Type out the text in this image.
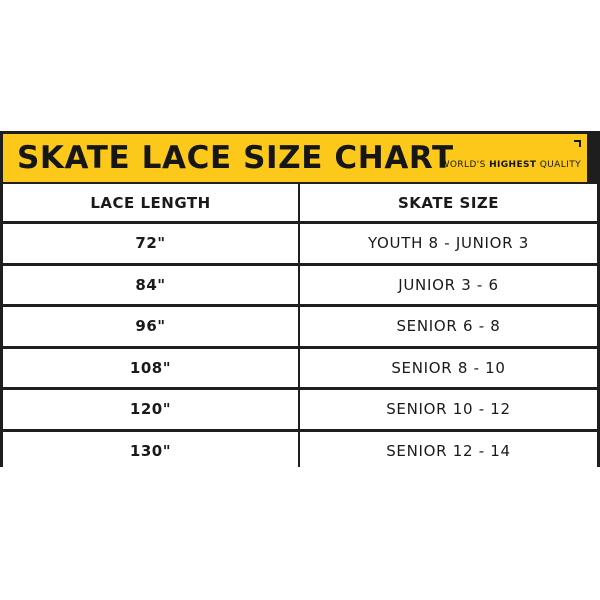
SKATE LACE SIZE CHART
WORLD'S HIGHEST QUALITY
LACE LENGTH	SKATE SIZE
72"	YOUTH 8 - JUNIOR 3
84"	JUNIOR 3 - 6
96"	SENIOR 6 - 8
108"	SENIOR 8 - 10
120"	SENIOR 10 - 12
130"	SENIOR 12 - 14
